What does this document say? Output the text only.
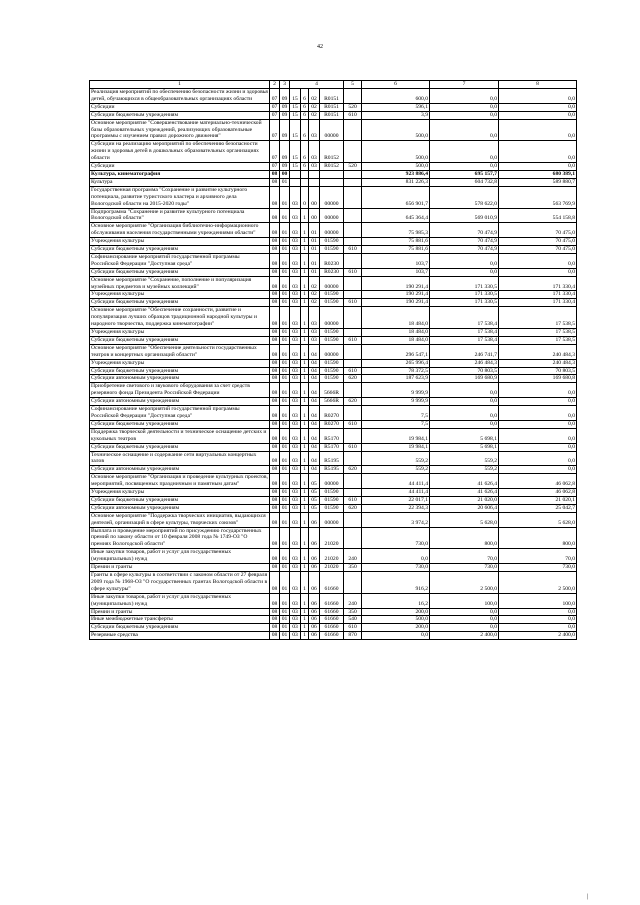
42
1	2	3	4				5	6	7	8
Реализация мероприятий по обеспечению безопасности жизни и здоровья детей, обучающихся в общеобразовательных организациях области	07	09	15	6	02	R0151		600,0	0,0	0,0
Субсидии	07	09	15	6	02	R0151	520	596,1	0,0	0,0
Субсидии бюджетным учреждениям	07	09	15	6	02	R0151	610	3,9	0,0	0,0
Основное мероприятие "Совершенствование материально-технической базы образовательных учреждений, реализующих образовательные программы с изучением правил дорожного движения"	07	09	15	6	03	00000		500,0	0,0	0,0
Субсидии на реализацию мероприятий по обеспечению безопасности жизни и здоровья детей в дошкольных образовательных организациях области	07	09	15	6	03	R0152		500,0	0,0	0,0
Субсидии	07	09	15	6	03	R0152	520	500,0	0,0	0,0
Культура, кинематография	08	00						923 886,4	695 157,7	680 389,1
Культура	08	01						831 226,3	604 732,8	589 880,7
Государственная программа "Сохранение и развитие культурного потенциала, развитие туристского кластера и архивного дела Вологодской области на 2015-2020 годы"	08	01	03	0	00	00000		656 901,7	578 622,0	563 769,9
Подпрограмма "Сохранение и развитие культурного потенциала Вологодской области"	08	01	03	1	00	00000		645 364,4	569 010,9	554 158,8
Основное мероприятие "Организация библиотечно-информационного обслуживания населения государственными учреждениями области"	08	01	03	1	01	00000		75 985,3	70 474,9	70 475,0
Учреждения культуры	08	01	03	1	01	01590		75 881,6	70 474,9	70 475,0
Субсидии бюджетным учреждениям	08	01	03	1	01	01590	610	75 881,6	70 474,9	70 475,0
Софинансирование мероприятий государственной программы Российской Федерации "Доступная среда"	08	01	03	1	01	R0230		103,7	0,0	0,0
Субсидии бюджетным учреждениям	08	01	03	1	01	R0230	610	103,7	0,0	0,0
Основное мероприятие "Сохранение, пополнение и популяризация музейных предметов и музейных коллекций"	08	01	03	1	02	00000		190 291,4	171 330,5	171 330,4
Учреждения культуры	08	01	03	1	02	01590		190 291,4	171 330,5	171 330,4
Субсидии бюджетным учреждениям	08	01	03	1	02	01590	610	190 291,4	171 330,5	171 330,4
Основное мероприятие "Обеспечение сохранности, развитие и популяризация лучших образцов традиционной народной культуры и народного творчества, поддержка кинематографии"	08	01	03	1	03	00000		18 484,0	17 538,4	17 538,5
Учреждения культуры	08	01	03	1	03	01590		18 484,0	17 538,4	17 538,5
Субсидии бюджетным учреждениям	08	01	03	1	03	01590	610	18 484,0	17 538,4	17 538,5
Основное мероприятие "Обеспечение деятельности государственных театров и концертных организаций области"	08	01	03	1	04	00000		296 547,1	246 741,7	240 484,3
Учреждения культуры	08	01	03	1	04	01590		265 996,4	246 484,3	240 484,3
Субсидии бюджетным учреждениям	08	01	03	1	04	01590	610	78 372,5	70 803,5	70 803,5
Субсидии автономным учреждениям	08	01	03	1	04	01590	620	187 623,9	169 680,9	169 680,8
Приобретение светового и звукового оборудования за счет средств резервного фонда Президента Российской Федерации	08	01	03	1	04	5666R		9 999,9	0,0	0,0
Субсидии автономным учреждениям	08	01	03	1	04	5666R	620	9 999,9	0,0	0,0
Софинансирование мероприятий государственной программы Российской Федерации "Доступная среда"	08	01	03	1	04	R0270		7,5	0,0	0,0
Субсидии бюджетным учреждениям	08	01	03	1	04	R0270	610	7,5	0,0	0,0
Поддержка творческой деятельности и техническое оснащение детских и кукольных театров	08	01	03	1	04	R5170		19 984,1	5 698,1	0,0
Субсидии бюджетным учреждениям	08	01	03	1	04	R5170	610	19 984,1	5 698,1	0,0
Техническое оснащение и содержание сети виртуальных концертных залов	08	01	03	1	04	R5195		559,2	559,2	0,0
Субсидии автономным учреждениям	08	01	03	1	04	R5195	620	559,2	559,2	0,0
Основное мероприятие "Организация и проведение культурных проектов, мероприятий, посвященных праздничным и памятным датам"	08	01	03	1	05	00000		44 411,4	41 626,4	46 062,8
Учреждения культуры	08	01	03	1	05	01590		44 411,4	41 626,4	46 062,8
Субсидии бюджетным учреждениям	08	01	03	1	05	01590	610	22 017,1	21 020,0	21 020,1
Субсидии автономным учреждениям	08	01	03	1	05	01590	620	22 394,3	20 606,4	25 042,7
Основное мероприятие "Поддержка творческих инициатив, выдающихся деятелей, организаций в сфере культуры, творческих союзов"	08	01	03	1	06	00000		3 974,2	5 628,0	5 628,0
Выплата и проведение мероприятий по присуждению государственных премий по закону области от 10 февраля 2008 года № 1749-ОЗ "О премиях Вологодской области"	08	01	03	1	06	21020		730,0	800,0	800,0
Иные закупки товаров, работ и услуг для государственных (муниципальных) нужд	08	01	03	1	06	21020	240	0,0	70,0	70,0
Премии и гранты	08	01	03	1	06	21020	350	730,0	730,0	730,0
Гранты в сфере культуры в соответствии с законом области от 27 февраля 2009 года № 1968-ОЗ "О государственных грантах Вологодской области в сфере культуры"	08	01	03	1	06	61660		916,2	2 500,0	2 500,0
Иные закупки товаров, работ и услуг для государственных (муниципальных) нужд	08	01	03	1	06	61660	240	16,2	100,0	100,0
Премии и гранты	08	01	03	1	06	61660	350	200,0	0,0	0,0
Иные межбюджетные трансферты	08	01	03	1	06	61660	540	500,0	0,0	0,0
Субсидии бюджетным учреждениям	08	01	03	1	06	61660	610	200,0	0,0	0,0
Резервные средства	08	01	03	1	06	61660	870	0,0	2 400,0	2 400,0
|
